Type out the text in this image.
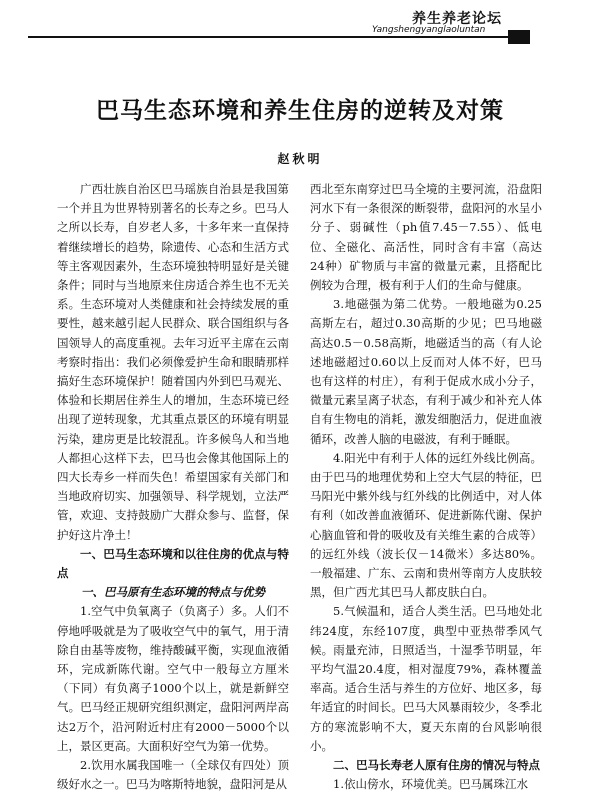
养生养老论坛
Yangshengyanglaoluntan
巴马生态环境和养生住房的逆转及对策
赵秋明

广西壮族自治区巴马瑶族自治县是我国第一个并且为世界特别著名的长寿之乡。巴马人之所以长寿，自岁老人多，十多年来一直保持着继续增长的趋势，除遗传、心态和生活方式等主客观因素外，生态环境独特明显好是关键条件；同时与当地原来住房适合养生也不无关系。生态环境对人类健康和社会持续发展的重要性，越来越引起人民群众、联合国组织与各国领导人的高度重视。去年习近平主席在云南考察时指出：我们必须像爱护生命和眼睛那样搞好生态环境保护！随着国内外到巴马观光、体验和长期居住养生人的增加，生态环境已经出现了逆转现象，尤其重点景区的环境有明显污染，建房更是比较混乱。许多候鸟人和当地人都担心这样下去，巴马也会像其他国际上的四大长寿乡一样而失色！希望国家有关部门和当地政府切实、加强领导、科学规划，立法严管，欢迎、支持鼓励广大群众参与、监督，保护好这片净土！

一、巴马生态环境和以往住房的优点与特点

一、巴马原有生态环境的特点与优势

1.空气中负氧离子（负离子）多。人们不停地呼吸就是为了吸收空气中的氧气，用于清除自由基等废物，维持酸碱平衡，实现血液循环，完成新陈代谢。空气中一般每立方厘米（下同）有负离子1000个以上，就是新鲜空气。巴马经正规研究组织测定，盘阳河两岸高达2万个，沿河附近村庄有2000－5000个以上，景区更高。大面积好空气为第一优势。

2.饮用水属我国唯一（全球仅有四处）顶级好水之一。巴马为喀斯特地貌，盘阳河是从

西北至东南穿过巴马全境的主要河流，沿盘阳河水下有一条很深的断裂带，盘阳河的水呈小分子、弱碱性（ph值7.45－7.55）、低电位、全磁化、高活性，同时含有丰富（高达24种）矿物质与丰富的微量元素，且搭配比例较为合理，极有利于人们的生命与健康。

3.地磁强为第二优势。一般地磁为0.25高斯左右，超过0.30高斯的少见；巴马地磁高达0.5－0.58高斯，地磁适当的高（有人论述地磁超过0.60以上反而对人体不好，巴马也有这样的村庄），有利于促成水成小分子，微量元素呈离子状态，有利于减少和补充人体自有生物电的消耗，激发细胞活力，促进血液循环，改善人脑的电磁波，有利于睡眠。

4.阳光中有利于人体的远红外线比例高。由于巴马的地理优势和上空大气层的特征，巴马阳光中紫外线与红外线的比例适中，对人体有利（如改善血液循环、促进新陈代谢、保护心脑血管和骨的吸收及有关维生素的合成等）的远红外线（波长仅－14微米）多达80%。一般福建、广东、云南和贵州等南方人皮肤较黑，但广西尤其巴马人都皮肤白白。

5.气候温和，适合人类生活。巴马地处北纬24度，东经107度，典型中亚热带季风气候。雨量充沛，日照适当，十湿季节明显，年平均气温20.4度，相对湿度79%，森林覆盖率高。适合生活与养生的方位好、地区多，每年适宜的时间长。巴马大风暴雨较少，冬季北方的寒流影响不大，夏天东南的台风影响很小。

二、巴马长寿老人原有住房的情况与特点

1.依山傍水，环境优美。巴马属珠江水
